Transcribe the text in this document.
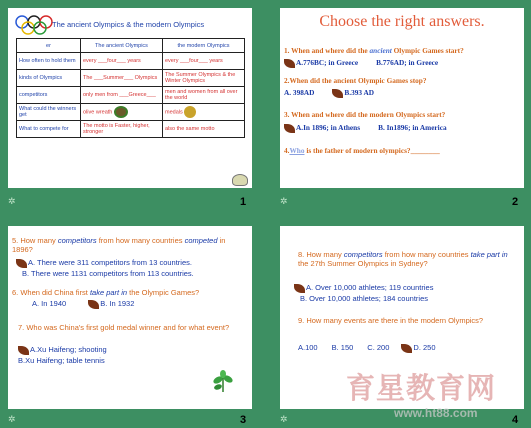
The ancient Olympics & the modern Olympics
er	The ancient Olympics	the modern Olympics
How often to hold them	every ___four___ years	every ___four___ years
kinds of Olympics	The ___Summer___ Olympics	The Summer Olympics & the Winter Olympics
competitors	only men from ___Greece___	men and women from all over the world
What could the winners get	olive wreath	medals
What to compete for	The motto is Faster, higher, stronger	also the same motto
✲	1
Choose the right answers.
1. When and where did the ancient Olympic Games start?
A.776BC; in Greece B.776AD; in Greece
2.When did the ancient Olympic Games stop?
A. 398AD	B.393 AD
3. When and where did the modern Olympics start?
A.In 1896; in Athens B. In1896; in America
4.Who is the father of modern olympics?________
✲	2
5. How many competitors from how many countries competed in 1896?
A. There were 311 competitors from 13 countries.
B. There were 1131 competitors from 113 countries.
6. When did China first take part in the Olympic Games?
A. In 1940	B. In 1932
7. Who was China's first gold medal winner and for what event?
A.Xu Haifeng; shooting
B.Xu Haifeng; table tennis
✲	3
8. How many competitors from how many countries take part in the 27th Summer Olympics in Sydney?
A. Over 10,000 athletes; 119 countries
B. Over 10,000 athletes; 184 countries
9. How many events are there in the modern Olympics?
A.100 B. 150 C. 200	D. 250
✲	4
育星教育网
www.ht88.com
